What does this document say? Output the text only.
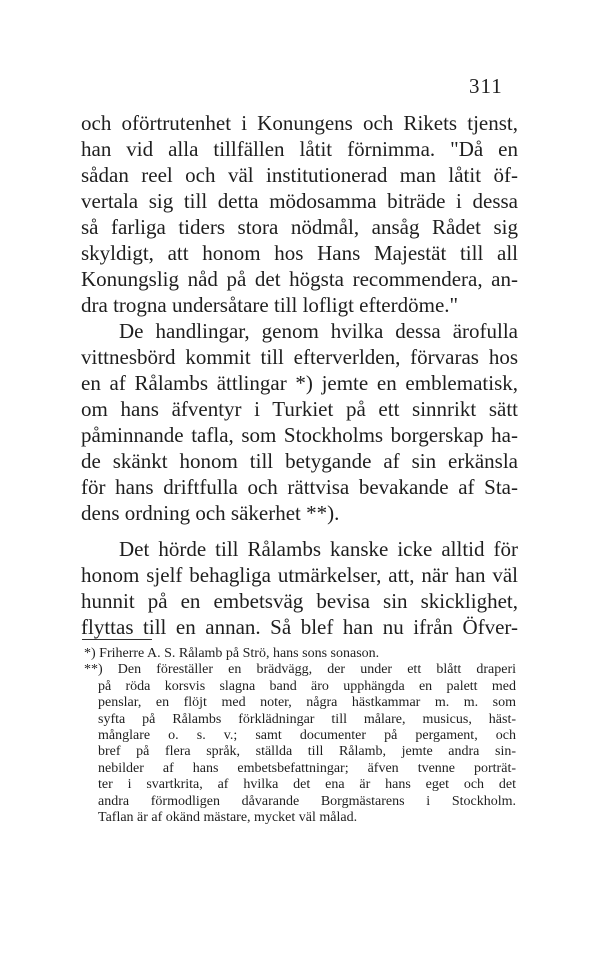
311
och oförtrutenhet i Konungens och Rikets tjenst,
han vid alla tillfällen låtit förnimma. "Då en
sådan reel och väl institutionerad man låtit öf-
vertala sig till detta mödosamma biträde i dessa
så farliga tiders stora nödmål, ansåg Rådet sig
skyldigt, att honom hos Hans Majestät till all
Konungslig nåd på det högsta recommendera, an-
dra trogna undersåtare till lofligt efterdöme."
De handlingar, genom hvilka dessa ärofulla
vittnesbörd kommit till efterverlden, förvaras hos
en af Rålambs ättlingar *) jemte en emblematisk,
om hans äfventyr i Turkiet på ett sinnrikt sätt
påminnande tafla, som Stockholms borgerskap ha-
de skänkt honom till betygande af sin erkänsla
för hans driftfulla och rättvisa bevakande af Sta-
dens ordning och säkerhet **).
Det hörde till Rålambs kanske icke alltid för
honom sjelf behagliga utmärkelser, att, när han väl
hunnit på en embetsväg bevisa sin skicklighet,
flyttas till en annan. Så blef han nu ifrån Öfver-
*) Friherre A. S. Rålamb på Strö, hans sons sonason.
**) Den föreställer en brädvägg, der under ett blått draperi
på röda korsvis slagna band äro upphängda en palett med
penslar, en flöjt med noter, några hästkammar m. m. som
syfta på Rålambs förklädningar till målare, musicus, häst-
månglare o. s. v.; samt documenter på pergament, och
bref på flera språk, ställda till Rålamb, jemte andra sin-
nebilder af hans embetsbefattningar; äfven tvenne porträt-
ter i svartkrita, af hvilka det ena är hans eget och det
andra förmodligen dåvarande Borgmästarens i Stockholm.
Taflan är af okänd mästare, mycket väl målad.
